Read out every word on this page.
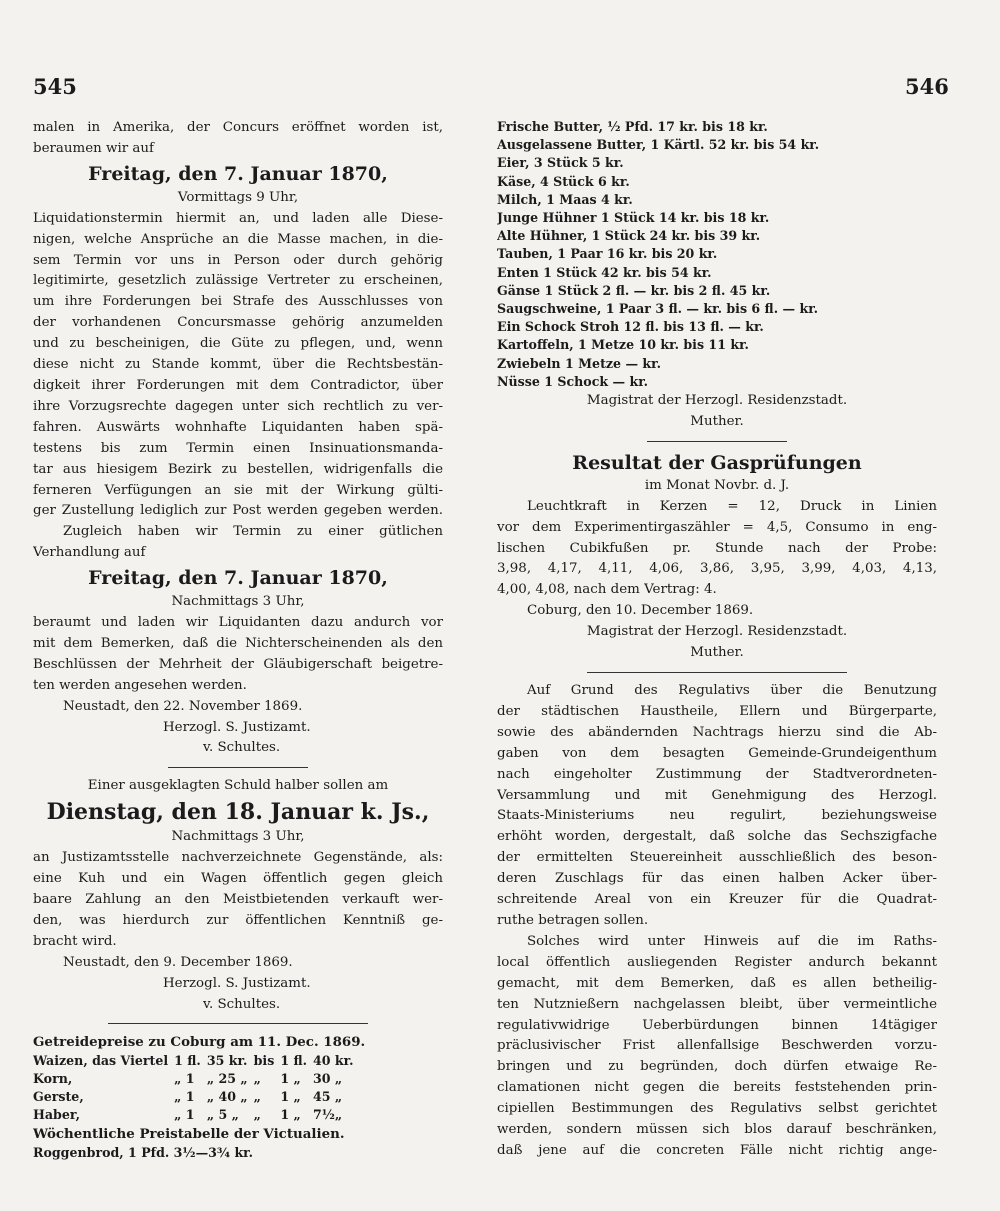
545	546

malen in Amerika, der Concurs eröffnet worden ist,

beraumen wir auf

Freitag, den 7. Januar 1870,

Vormittags 9 Uhr,

Liquidationstermin hiermit an, und laden alle Diese-

nigen, welche Ansprüche an die Masse machen, in die-

sem Termin vor uns in Person oder durch gehörig

legitimirte, gesetzlich zulässige Vertreter zu erscheinen,

um ihre Forderungen bei Strafe des Ausschlusses von

der vorhandenen Concursmasse gehörig anzumelden

und zu bescheinigen, die Güte zu pflegen, und, wenn

diese nicht zu Stande kommt, über die Rechtsbestän-

digkeit ihrer Forderungen mit dem Contradictor, über

ihre Vorzugsrechte dagegen unter sich rechtlich zu ver-

fahren. Auswärts wohnhafte Liquidanten haben spä-

testens bis zum Termin einen Insinuationsmanda-

tar aus hiesigem Bezirk zu bestellen, widrigenfalls die

ferneren Verfügungen an sie mit der Wirkung gülti-

ger Zustellung lediglich zur Post werden gegeben werden.

Zugleich haben wir Termin zu einer gütlichen

Verhandlung auf

Freitag, den 7. Januar 1870,

Nachmittags 3 Uhr,

beraumt und laden wir Liquidanten dazu andurch vor

mit dem Bemerken, daß die Nichterscheinenden als den

Beschlüssen der Mehrheit der Gläubigerschaft beigetre-

ten werden angesehen werden.

Neustadt, den 22. November 1869.

Herzogl. S. Justizamt.

v. Schultes.

Einer ausgeklagten Schuld halber sollen am

Dienstag, den 18. Januar k. Js.,

Nachmittags 3 Uhr,

an Justizamtsstelle nachverzeichnete Gegenstände, als:

eine Kuh und ein Wagen öffentlich gegen gleich

baare Zahlung an den Meistbietenden verkauft wer-

den, was hierdurch zur öffentlichen Kenntniß ge-

bracht wird.

Neustadt, den 9. December 1869.

Herzogl. S. Justizamt.

v. Schultes.

Getreidepreise zu Coburg am 11. Dec. 1869.
Waizen, das Viertel	1 fl.	35 kr.	bis	1 fl.	40 kr.
Korn,	„ 1	„ 25 „	„	1 „	30 „
Gerste,	„ 1	„ 40 „	„	1 „	45 „
Haber,	„ 1	„ 5 „	„	1 „	7½„
Wöchentliche Preistabelle der Victualien.
Roggenbrod, 1 Pfd. 3½—3¾ kr.

Frische Butter, ½ Pfd. 17 kr. bis 18 kr.

Ausgelassene Butter, 1 Kärtl. 52 kr. bis 54 kr.

Eier, 3 Stück 5 kr.

Käse, 4 Stück 6 kr.

Milch, 1 Maas 4 kr.

Junge Hühner 1 Stück 14 kr. bis 18 kr.

Alte Hühner, 1 Stück 24 kr. bis 39 kr.

Tauben, 1 Paar 16 kr. bis 20 kr.

Enten 1 Stück 42 kr. bis 54 kr.

Gänse 1 Stück 2 fl. — kr. bis 2 fl. 45 kr.

Saugschweine, 1 Paar 3 fl. — kr. bis 6 fl. — kr.

Ein Schock Stroh 12 fl. bis 13 fl. — kr.

Kartoffeln, 1 Metze 10 kr. bis 11 kr.

Zwiebeln 1 Metze — kr.

Nüsse 1 Schock — kr.

Magistrat der Herzogl. Residenzstadt.

Muther.

Resultat der Gasprüfungen

im Monat Novbr. d. J.

Leuchtkraft in Kerzen = 12, Druck in Linien

vor dem Experimentirgaszähler = 4,5, Consumo in eng-

lischen Cubikfußen pr. Stunde nach der Probe:

3,98, 4,17, 4,11, 4,06, 3,86, 3,95, 3,99, 4,03, 4,13,

4,00, 4,08, nach dem Vertrag: 4.

Coburg, den 10. December 1869.

Magistrat der Herzogl. Residenzstadt.

Muther.

Auf Grund des Regulativs über die Benutzung

der städtischen Haustheile, Ellern und Bürgerparte,

sowie des abändernden Nachtrags hierzu sind die Ab-

gaben von dem besagten Gemeinde-Grundeigenthum

nach eingeholter Zustimmung der Stadtverordneten-

Versammlung und mit Genehmigung des Herzogl.

Staats-Ministeriums neu regulirt, beziehungsweise

erhöht worden, dergestalt, daß solche das Sechszigfache

der ermittelten Steuereinheit ausschließlich des beson-

deren Zuschlags für das einen halben Acker über-

schreitende Areal von ein Kreuzer für die Quadrat-

ruthe betragen sollen.

Solches wird unter Hinweis auf die im Raths-

local öffentlich ausliegenden Register andurch bekannt

gemacht, mit dem Bemerken, daß es allen betheilig-

ten Nutznießern nachgelassen bleibt, über vermeintliche

regulativwidrige Ueberbürdungen binnen 14tägiger

präclusivischer Frist allenfallsige Beschwerden vorzu-

bringen und zu begründen, doch dürfen etwaige Re-

clamationen nicht gegen die bereits feststehenden prin-

cipiellen Bestimmungen des Regulativs selbst gerichtet

werden, sondern müssen sich blos darauf beschränken,

daß jene auf die concreten Fälle nicht richtig ange-
